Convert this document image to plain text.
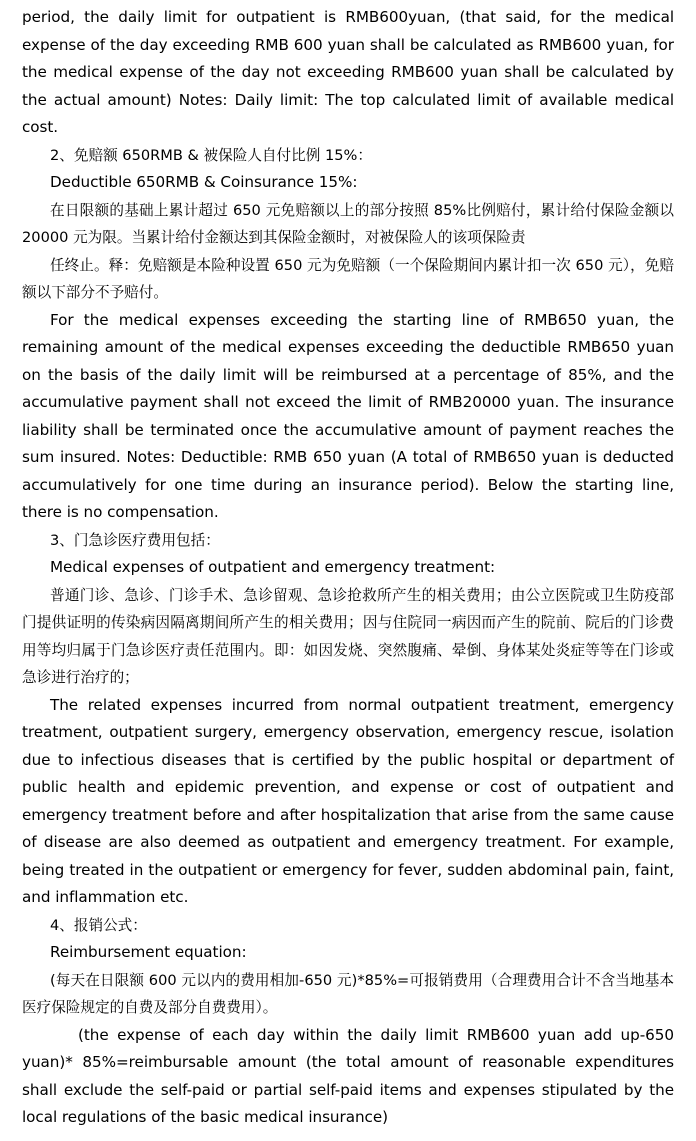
period, the daily limit for outpatient is RMB600yuan, (that said, for the medical expense of the day exceeding RMB 600 yuan shall be calculated as RMB600 yuan, for the medical expense of the day not exceeding RMB600 yuan shall be calculated by the actual amount) Notes: Daily limit: The top calculated limit of available medical cost.

2、免赔额 650RMB & 被保险人自付比例 15%：

Deductible 650RMB & Coinsurance 15%:

在日限额的基础上累计超过 650 元免赔额以上的部分按照 85%比例赔付，累计给付保险金额以 20000 元为限。当累计给付金额达到其保险金额时，对被保险人的该项保险责

任终止。释：免赔额是本险种设置 650 元为免赔额（一个保险期间内累计扣一次 650 元），免赔额以下部分不予赔付。

For the medical expenses exceeding the starting line of RMB650 yuan, the remaining amount of the medical expenses exceeding the deductible RMB650 yuan on the basis of the daily limit will be reimbursed at a percentage of 85%, and the accumulative payment shall not exceed the limit of RMB20000 yuan. The insurance liability shall be terminated once the accumulative amount of payment reaches the sum insured. Notes: Deductible: RMB 650 yuan (A total of RMB650 yuan is deducted accumulatively for one time during an insurance period). Below the starting line, there is no compensation.

3、门急诊医疗费用包括：

Medical expenses of outpatient and emergency treatment:

普通门诊、急诊、门诊手术、急诊留观、急诊抢救所产生的相关费用；由公立医院或卫生防疫部门提供证明的传染病因隔离期间所产生的相关费用；因与住院同一病因而产生的院前、院后的门诊费用等均归属于门急诊医疗责任范围内。即：如因发烧、突然腹痛、晕倒、身体某处炎症等等在门诊或急诊进行治疗的；

The related expenses incurred from normal outpatient treatment, emergency treatment, outpatient surgery, emergency observation, emergency rescue, isolation due to infectious diseases that is certified by the public hospital or department of public health and epidemic prevention, and expense or cost of outpatient and emergency treatment before and after hospitalization that arise from the same cause of disease are also deemed as outpatient and emergency treatment. For example, being treated in the outpatient or emergency for fever, sudden abdominal pain, faint, and inflammation etc.

4、报销公式：

Reimbursement equation:

(每天在日限额 600 元以内的费用相加-650 元)*85%=可报销费用（合理费用合计不含当地基本医疗保险规定的自费及部分自费费用）。

(the expense of each day within the daily limit RMB600 yuan add up-650 yuan)* 85%=reimbursable amount (the total amount of reasonable expenditures shall exclude the self-paid or partial self-paid items and expenses stipulated by the local regulations of the basic medical insurance)
